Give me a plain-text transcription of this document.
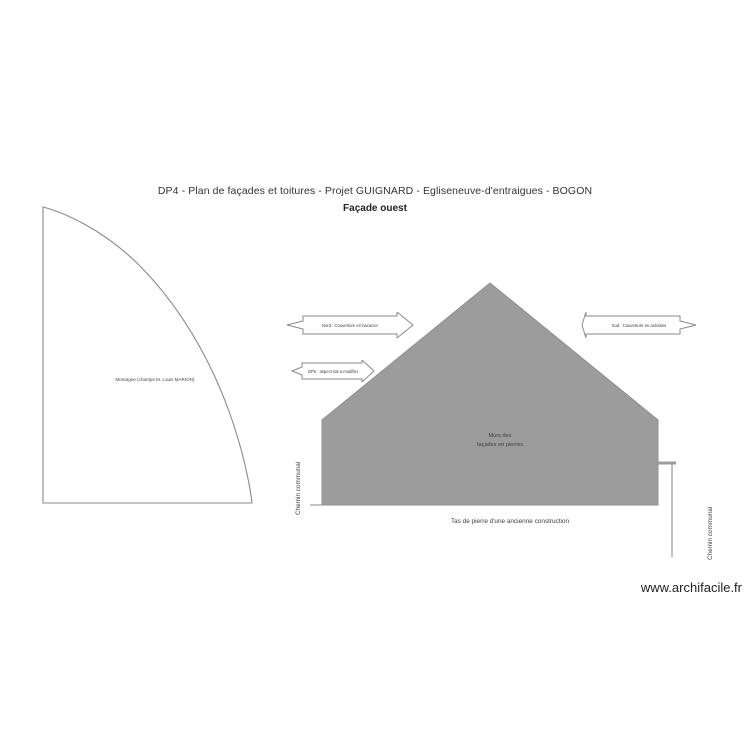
DP4 - Plan de façades et toitures - Projet GUIGNARD - Egliseneuve-d'entraigues - BOGON
Façade ouest
Montagne (champs M. Louis MARION)
Murs des
façades en pierres
Nord : Couverture en bacacier	Sud : Couverture en ardoises
DP5 : aspect toit a modifier
Chemin communal
Chemin communal
Tas de pierre d'une ancienne construction
www.archifacile.fr
